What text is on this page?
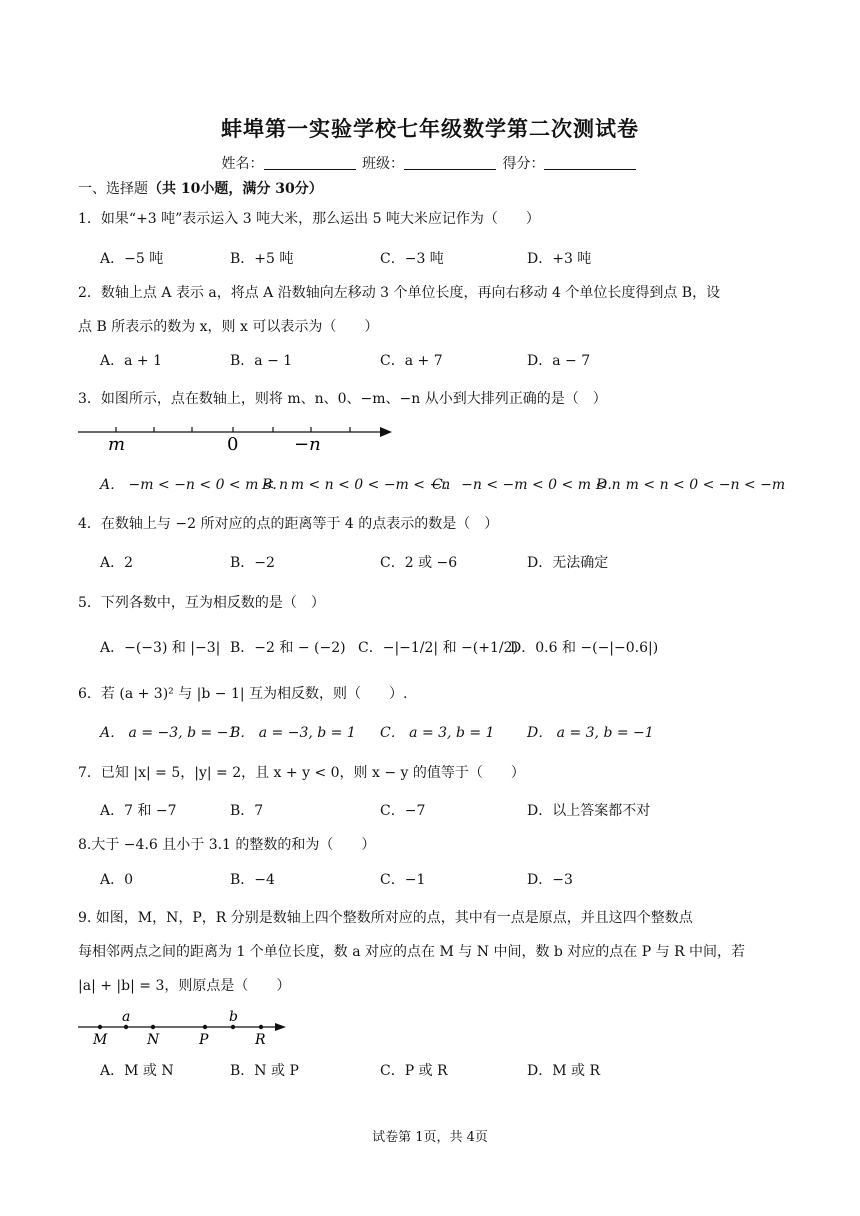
蚌埠第一实验学校七年级数学第二次测试卷
姓名：	班级：	得分：
一、选择题（共 10小题，满分 30分）
1．如果“+3 吨”表示运入 3 吨大米，那么运出 5 吨大米应记作为（　　）
A．−5 吨	B．+5 吨	C．−3 吨	D．+3 吨
2．数轴上点 A 表示 a，将点 A 沿数轴向左移动 3 个单位长度，再向右移动 4 个单位长度得到点 B，设
点 B 所表示的数为 x，则 x 可以表示为（　　）
A．a + 1	B．a − 1	C．a + 7	D．a − 7
3．如图所示，点在数轴上，则将 m、n、0、−m、−n 从小到大排列正确的是（　）
m	0	−n
A． −m < −n < 0 < m < n
B． m < n < 0 < −m < −n
C． −n < −m < 0 < m < n
D． m < n < 0 < −n < −m
4．在数轴上与 −2 所对应的点的距离等于 4 的点表示的数是（　）
A．2	B．−2	C．2 或 −6	D．无法确定
5．下列各数中，互为相反数的是（　）
A．−(−3) 和 |−3| B．−2 和 − (−2) C．−|−1/2| 和 −(+1/2)
D．0.6 和 −(−|−0.6|)
6．若 (a + 3)² 与 |b − 1| 互为相反数，则（　　）.
A． a = −3, b = −1
B． a = −3, b = 1 C． a = 3, b = 1 D． a = 3, b = −1
7．已知 |x| = 5，|y| = 2，且 x + y < 0，则 x − y 的值等于（　　）
A．7 和 −7	B．7	C．−7	D．以上答案都不对
8.大于 −4.6 且小于 3.1 的整数的和为（　　）
A．0	B．−4	C．−1	D．−3
9. 如图，M，N，P，R 分别是数轴上四个整数所对应的点，其中有一点是原点，并且这四个整数点
每相邻两点之间的距离为 1 个单位长度，数 a 对应的点在 M 与 N 中间，数 b 对应的点在 P 与 R 中间，若
|a| + |b| = 3，则原点是（　　）
M	N	P	R
a	b
A．M 或 N	B．N 或 P	C．P 或 R	D．M 或 R
试卷第 1页，共 4页
